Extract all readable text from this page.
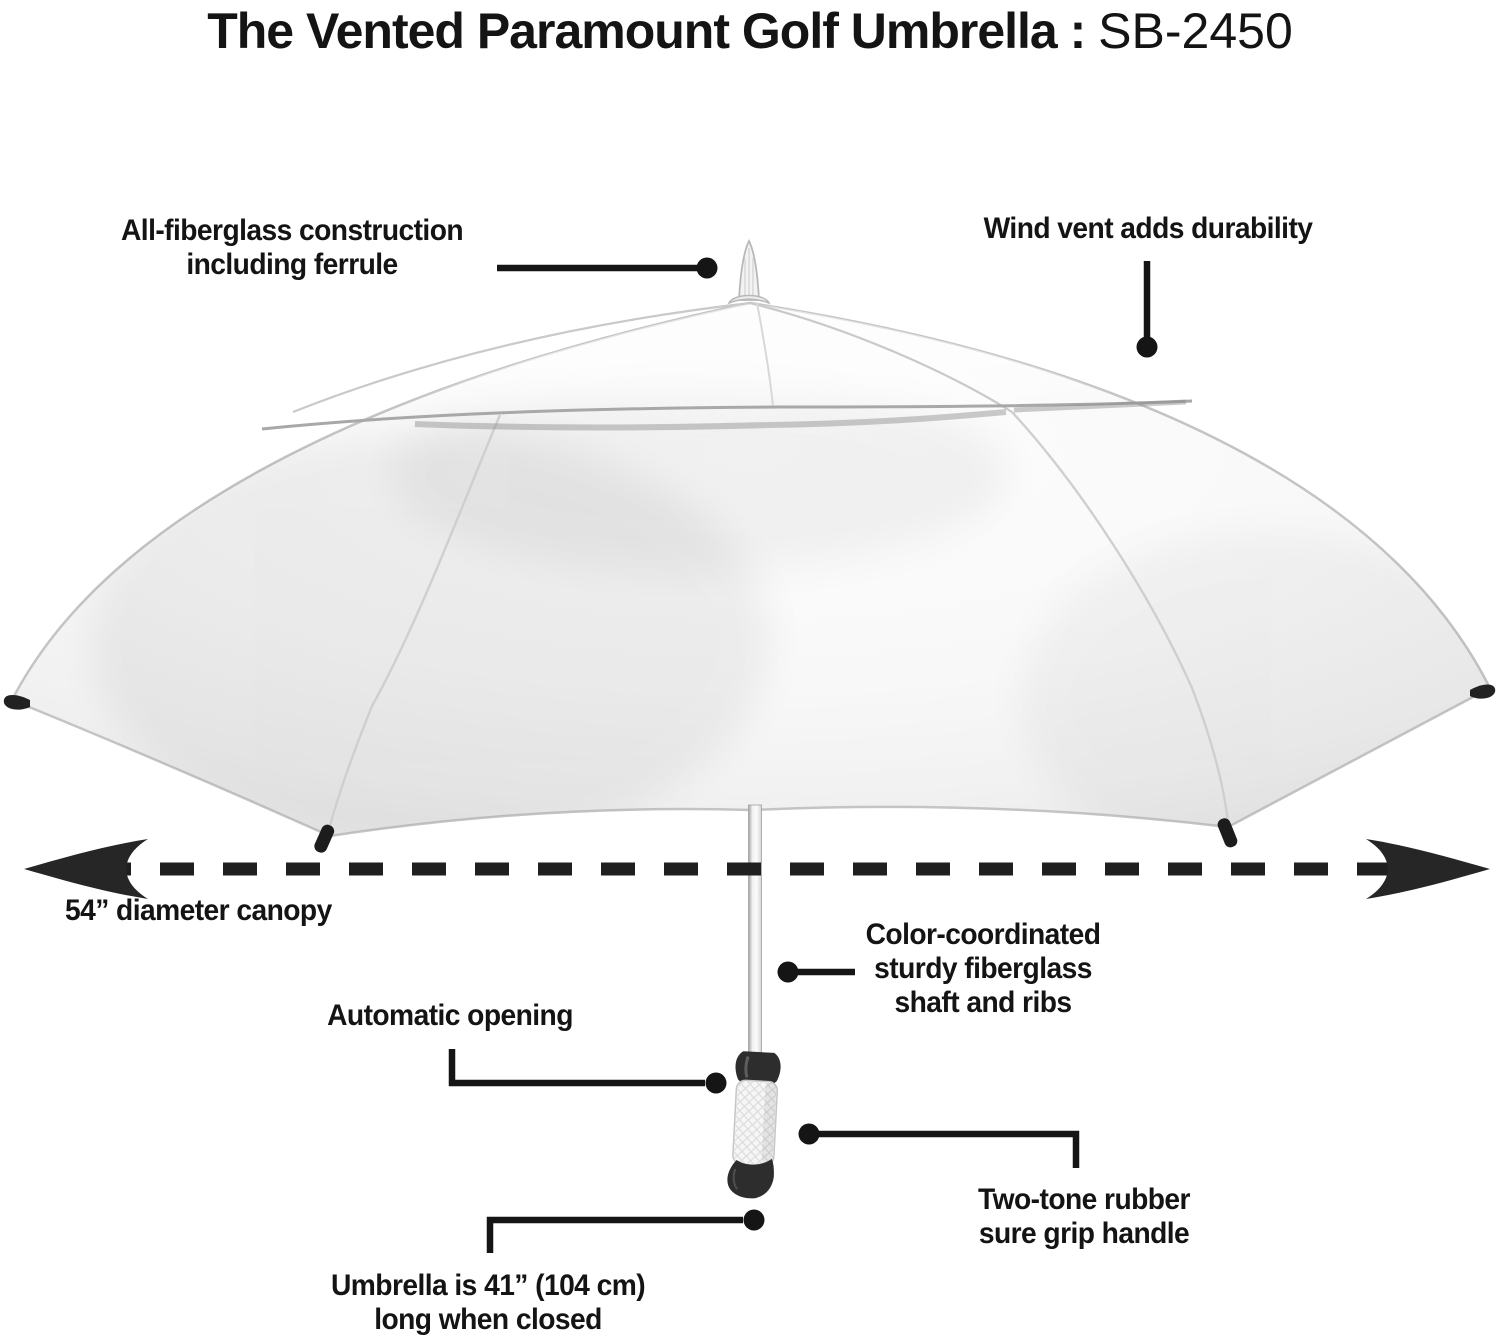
The Vented Paramount Golf Umbrella : SB-2450
All-fiberglass construction
including ferrule
Wind vent adds durability
54” diameter canopy
Color-coordinated
sturdy fiberglass
shaft and ribs
Automatic opening
Two-tone rubber
sure grip handle
Umbrella is 41” (104 cm)
long when closed
